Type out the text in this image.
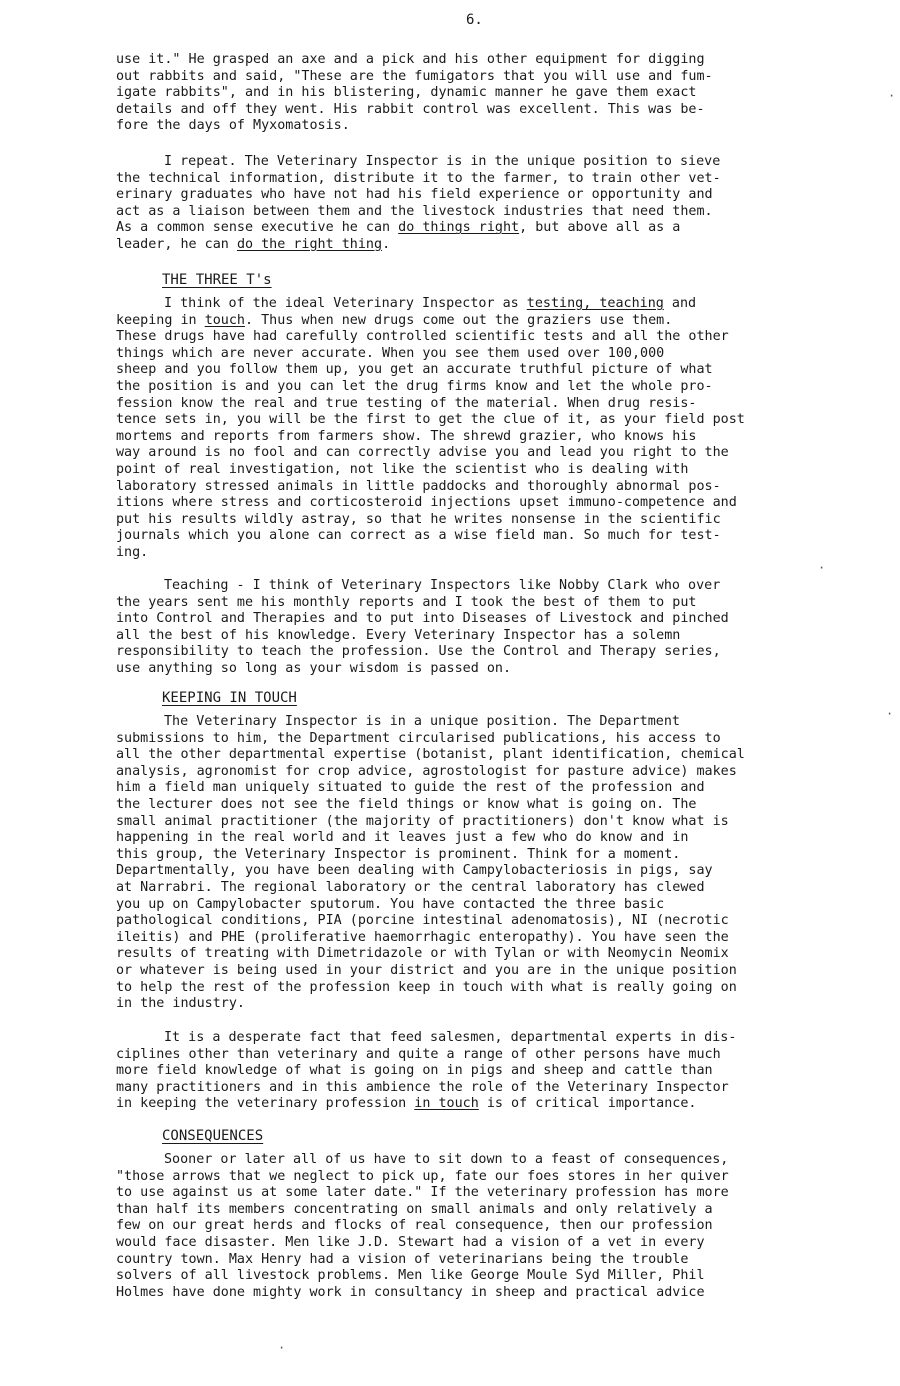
6.
use it." He grasped an axe and a pick and his other equipment for digging
out rabbits and said, "These are the fumigators that you will use and fum-
igate rabbits", and in his blistering, dynamic manner he gave them exact
details and off they went. His rabbit control was excellent. This was be-
fore the days of Myxomatosis.
I repeat. The Veterinary Inspector is in the unique position to sieve
the technical information, distribute it to the farmer, to train other vet-
erinary graduates who have not had his field experience or opportunity and
act as a liaison between them and the livestock industries that need them.
As a common sense executive he can do things right, but above all as a
leader, he can do the right thing.
THE THREE T's
I think of the ideal Veterinary Inspector as testing, teaching and
keeping in touch. Thus when new drugs come out the graziers use them.
These drugs have had carefully controlled scientific tests and all the other
things which are never accurate. When you see them used over 100,000
sheep and you follow them up, you get an accurate truthful picture of what
the position is and you can let the drug firms know and let the whole pro-
fession know the real and true testing of the material. When drug resis-
tence sets in, you will be the first to get the clue of it, as your field post
mortems and reports from farmers show. The shrewd grazier, who knows his
way around is no fool and can correctly advise you and lead you right to the
point of real investigation, not like the scientist who is dealing with
laboratory stressed animals in little paddocks and thoroughly abnormal pos-
itions where stress and corticosteroid injections upset immuno-competence and
put his results wildly astray, so that he writes nonsense in the scientific
journals which you alone can correct as a wise field man. So much for test-
ing.
Teaching - I think of Veterinary Inspectors like Nobby Clark who over
the years sent me his monthly reports and I took the best of them to put
into Control and Therapies and to put into Diseases of Livestock and pinched
all the best of his knowledge. Every Veterinary Inspector has a solemn
responsibility to teach the profession. Use the Control and Therapy series,
use anything so long as your wisdom is passed on.
KEEPING IN TOUCH
The Veterinary Inspector is in a unique position. The Department
submissions to him, the Department circularised publications, his access to
all the other departmental expertise (botanist, plant identification, chemical
analysis, agronomist for crop advice, agrostologist for pasture advice) makes
him a field man uniquely situated to guide the rest of the profession and
the lecturer does not see the field things or know what is going on. The
small animal practitioner (the majority of practitioners) don't know what is
happening in the real world and it leaves just a few who do know and in
this group, the Veterinary Inspector is prominent. Think for a moment.
Departmentally, you have been dealing with Campylobacteriosis in pigs, say
at Narrabri. The regional laboratory or the central laboratory has clewed
you up on Campylobacter sputorum. You have contacted the three basic
pathological conditions, PIA (porcine intestinal adenomatosis), NI (necrotic
ileitis) and PHE (proliferative haemorrhagic enteropathy). You have seen the
results of treating with Dimetridazole or with Tylan or with Neomycin Neomix
or whatever is being used in your district and you are in the unique position
to help the rest of the profession keep in touch with what is really going on
in the industry.
It is a desperate fact that feed salesmen, departmental experts in dis-
ciplines other than veterinary and quite a range of other persons have much
more field knowledge of what is going on in pigs and sheep and cattle than
many practitioners and in this ambience the role of the Veterinary Inspector
in keeping the veterinary profession in touch is of critical importance.
CONSEQUENCES
Sooner or later all of us have to sit down to a feast of consequences,
"those arrows that we neglect to pick up, fate our foes stores in her quiver
to use against us at some later date." If the veterinary profession has more
than half its members concentrating on small animals and only relatively a
few on our great herds and flocks of real consequence, then our profession
would face disaster. Men like J.D. Stewart had a vision of a vet in every
country town. Max Henry had a vision of veterinarians being the trouble
solvers of all livestock problems. Men like George Moule Syd Miller, Phil
Holmes have done mighty work in consultancy in sheep and practical advice
·
·
·
·
